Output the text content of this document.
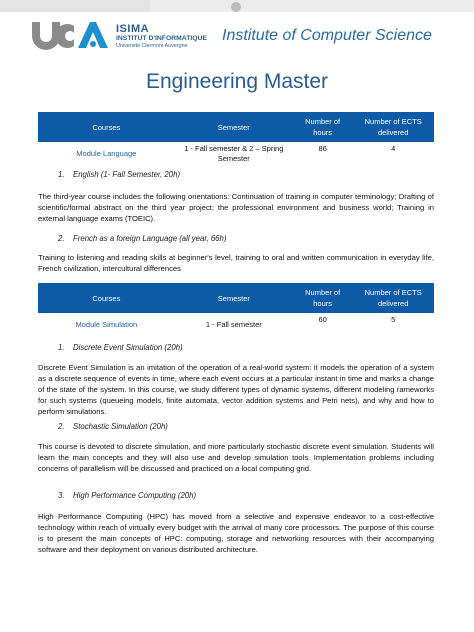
ISIMA
INSTITUT D'INFORMATIQUE
Université Clermont Auvergne
Institute of Computer Science
Engineering Master
Courses	Semester	Number of hours	Number of ECTS delivered
Module Language	1 - Fall semester & 2 – Spring Semester	86	4
1. English (1- Fall Semester, 20h)
The third-year course includes the following orientations: Continuation of training in computer terminology; Drafting of scientific/formal abstract on the third year project; the professional environment and business world; Training in external language exams (TOEIC).
2. French as a foreign Language (all year, 66h)
Training to listening and reading skills at beginner's level, training to oral and written communication in everyday life, French civilization, intercultural differences
Courses	Semester	Number of hours	Number of ECTS delivered
Module Simulation	1 - Fall semester	60	5
1. Discrete Event Simulation (20h)
Discrete Event Simulation is an imitation of the operation of a real-world system: it models the operation of a system as a discrete sequence of events in time, where each event occurs at a particular instant in time and marks a change of the state of the system. In this course, we study different types of dynamic systems, different modeling rameworks for such systems (queueing models, finite automata, vector addition systems and Petri nets), and why and how to perform simulations.
2. Stochastic Simulation (20h)
This course is devoted to discrete simulation, and more particularly stochastic discrete event simulation. Students will learn the main concepts and they will also use and develop simulation tools. Implementation problems including concerns of parallelism will be discussed and practiced on a local computing grid.
3. High Performance Computing (20h)
High Performance Computing (HPC) has moved from a selective and expensive endeavor to a cost-effective technology within reach of virtually every budget with the arrival of many core processors. The purpose of this course is to present the main concepts of HPC: computing, storage and networking resources with their accompanying software and their deployment on various distributed architecture.
